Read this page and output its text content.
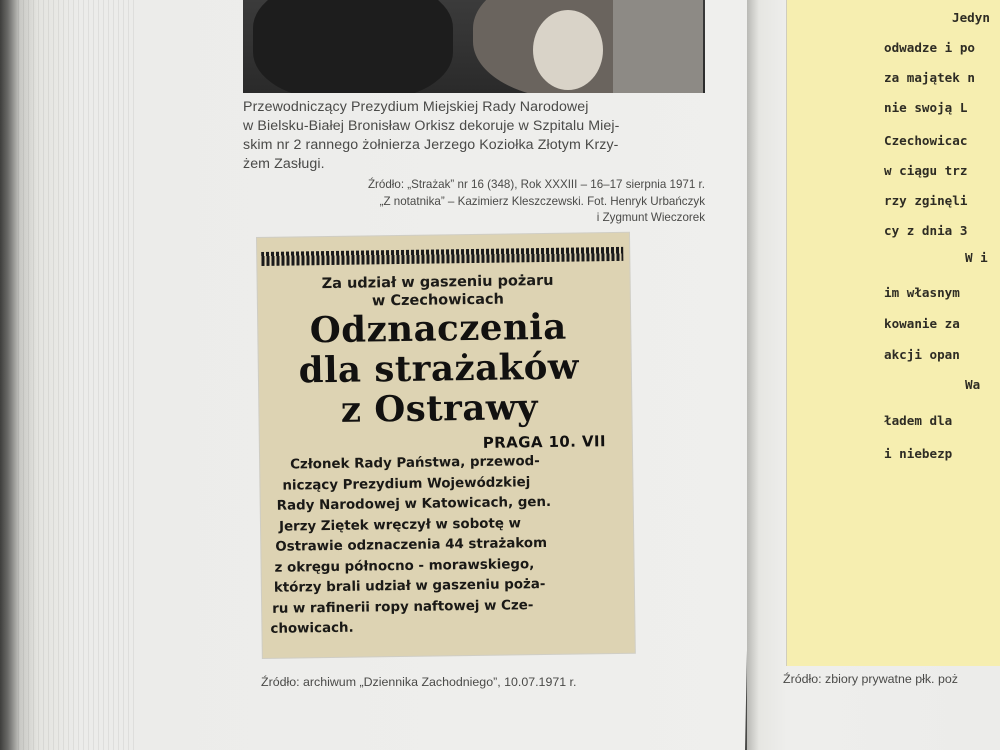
Przewodniczący Prezydium Miejskiej Rady Narodowej
w Bielsku-Białej Bronisław Orkisz dekoruje w Szpitalu Miej-
skim nr 2 rannego żołnierza Jerzego Koziołka Złotym Krzy-
żem Zasługi.

Źródło: „Strażak” nr 16 (348), Rok XXXIII – 16–17 sierpnia 1971 r.
„Z notatnika” – Kazimierz Kleszczewski. Fot. Henryk Urbańczyk
i Zygmunt Wieczorek
Za udział w gaszeniu pożaru
w Czechowicach
Odznaczenia
dla strażaków
z Ostrawy
PRAGA 10. VII
Członek Rady Państwa, przewod-
niczący Prezydium Wojewódzkiej
Rady Narodowej w Katowicach, gen.
Jerzy Ziętek wręczył w sobotę w
Ostrawie odznaczenia 44 strażakom
z okręgu północno - morawskiego,
którzy brali udział w gaszeniu poża-
ru w rafinerii ropy naftowej w Cze-
chowicach.
Źródło: archiwum „Dziennika Zachodniego”, 10.07.1971 r.
Jedyn
odwadze i po
za majątek n
nie swoją L
Czechowicac
w ciągu trz
rzy zginęli
cy z dnia 3
W i
im własnym
kowanie za
akcji opan
Wa
ładem dla
i niebezp
Źródło: zbiory prywatne płk. poż
